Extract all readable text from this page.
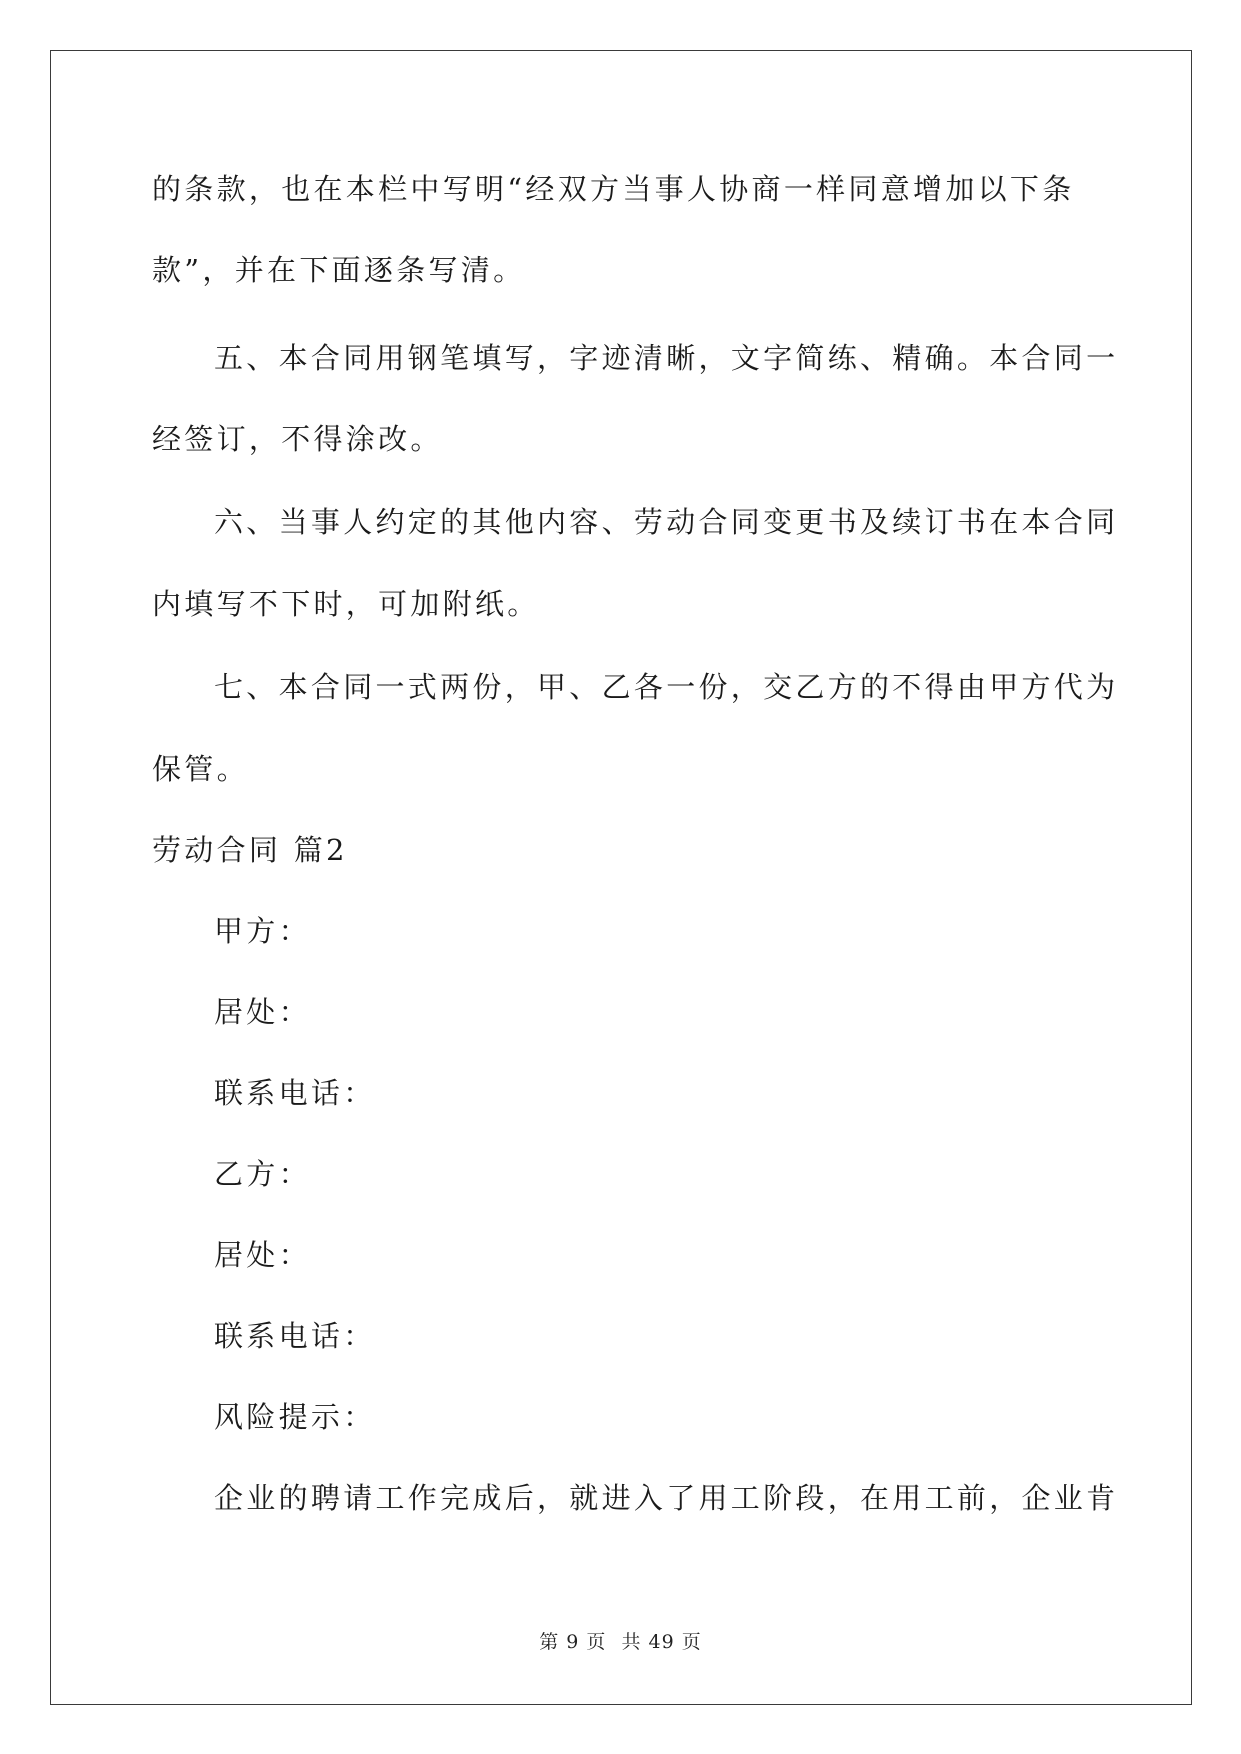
的条款，也在本栏中写明“经双方当事人协商一样同意增加以下条
款”，并在下面逐条写清。
五、本合同用钢笔填写，字迹清晰，文字简练、精确。本合同一
经签订，不得涂改。
六、当事人约定的其他内容、劳动合同变更书及续订书在本合同
内填写不下时，可加附纸。
七、本合同一式两份，甲、乙各一份，交乙方的不得由甲方代为
保管。
劳动合同 篇2
甲方：
居处：
联系电话：
乙方：
居处：
联系电话：
风险提示：
企业的聘请工作完成后，就进入了用工阶段，在用工前，企业肯
第 9 页 共 49 页
